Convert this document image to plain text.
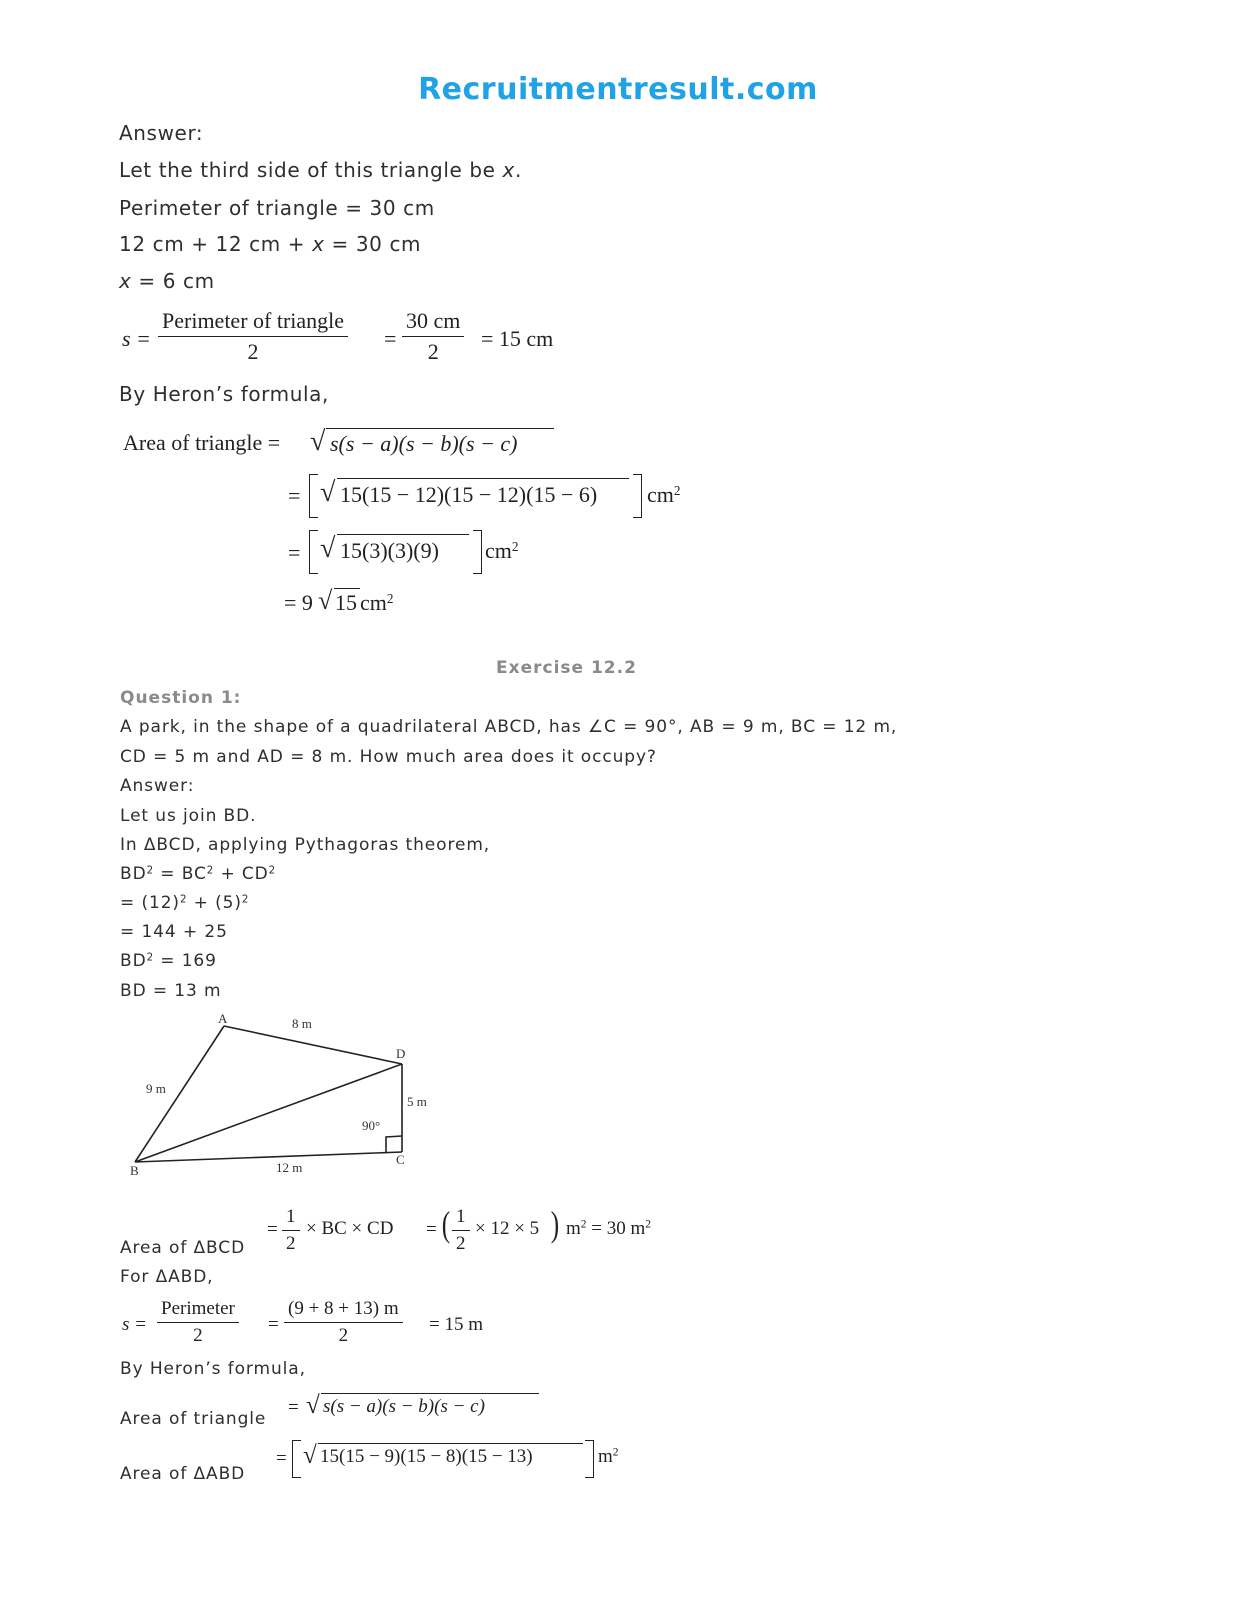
Recruitmentresult.com
Answer:
Let the third side of this triangle be x.
Perimeter of triangle = 30 cm
12 cm + 12 cm + x = 30 cm
x = 6 cm
s =
Perimeter of triangle
2
= $\frac{30 cm}{2} = 15$ cm
By Heron’s formula,
Area of triangle = √ s(s − a)(s − b)(s − c)
= √ 15(15 − 12)(15 − 12)(15 − 6) $cm^2$
= √ 15(3)(3)(9) $cm^2$
= 9 √ 15 $cm^2$
Exercise 12.2
Question 1:
A park, in the shape of a quadrilateral ABCD, has ∠C = 90°, AB = 9 m, BC = 12 m,
CD = 5 m and AD = 8 m. How much area does it occupy?
Answer:
Let us join BD.
In ΔBCD, applying Pythagoras theorem,
$BD^2 = BC^2 + CD^2$
= $(12)^2 + (5)^2$
= 144 + 25
$BD^2 = 169$
BD = 13 m
A
B
C
D
8 m
9 m
5 m
12 m
90°
Area of ΔBCD
= $\frac{1}{2}$ × BC × CD = ( $\frac{1}{2} \times 12 \times 5$ ) $m^2 = 30$ $m^2$
For ΔABD,
s =
Perimeter
2
= $\frac{(9 + 8 + 13) m}{2} = 15$ m
By Heron’s formula,
Area of triangle
= √ s(s − a)(s − b)(s − c)
Area of ΔABD
= √ 15(15 − 9)(15 − 8)(15 − 13)	$m^2$
